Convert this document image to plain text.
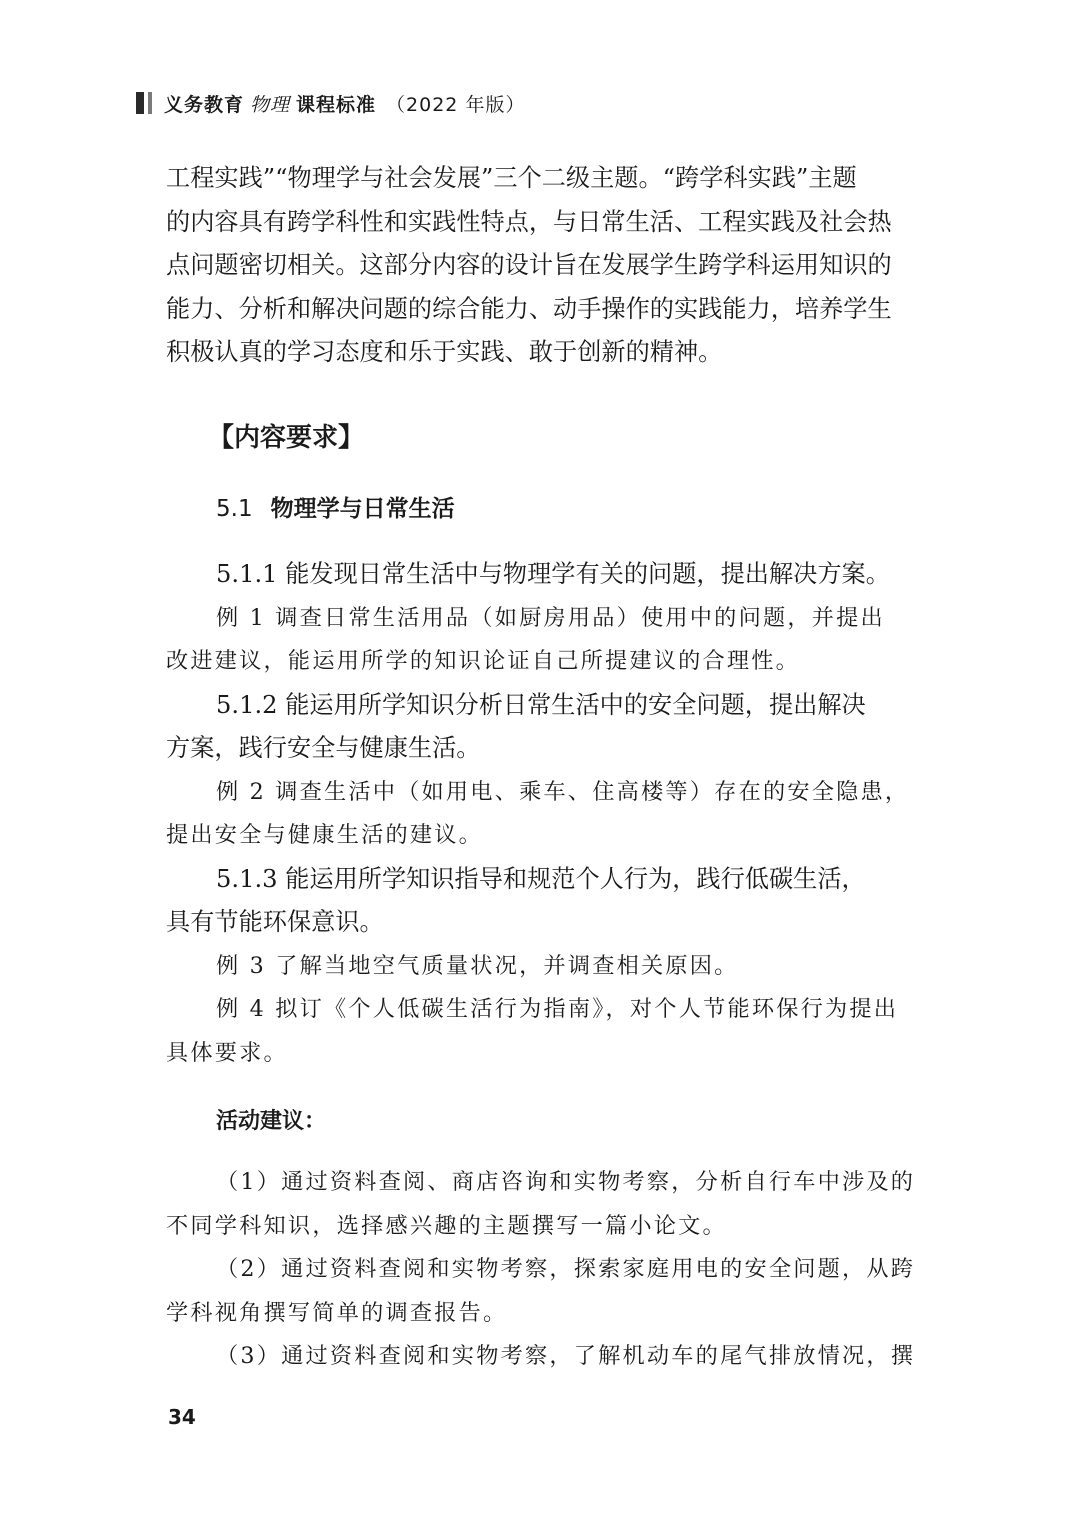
义务教育 物理 课程标准 （2022 年版）

工程实践”“物理学与社会发展”三个二级主题。“跨学科实践”主题

的内容具有跨学科性和实践性特点，与日常生活、工程实践及社会热

点问题密切相关。这部分内容的设计旨在发展学生跨学科运用知识的

能力、分析和解决问题的综合能力、动手操作的实践能力，培养学生

积极认真的学习态度和乐于实践、敢于创新的精神。

【内容要求】
5.1 物理学与日常生活

5.1.1 能发现日常生活中与物理学有关的问题，提出解决方案。

例 1 调查日常生活用品（如厨房用品）使用中的问题，并提出

改进建议，能运用所学的知识论证自己所提建议的合理性。

5.1.2 能运用所学知识分析日常生活中的安全问题，提出解决

方案，践行安全与健康生活。

例 2 调查生活中（如用电、乘车、住高楼等）存在的安全隐患，

提出安全与健康生活的建议。

5.1.3 能运用所学知识指导和规范个人行为，践行低碳生活，

具有节能环保意识。

例 3 了解当地空气质量状况，并调查相关原因。

例 4 拟订《个人低碳生活行为指南》，对个人节能环保行为提出

具体要求。

活动建议：

（1）通过资料查阅、商店咨询和实物考察，分析自行车中涉及的

不同学科知识，选择感兴趣的主题撰写一篇小论文。

（2）通过资料查阅和实物考察，探索家庭用电的安全问题，从跨

学科视角撰写简单的调查报告。

（3）通过资料查阅和实物考察，了解机动车的尾气排放情况，撰

34
